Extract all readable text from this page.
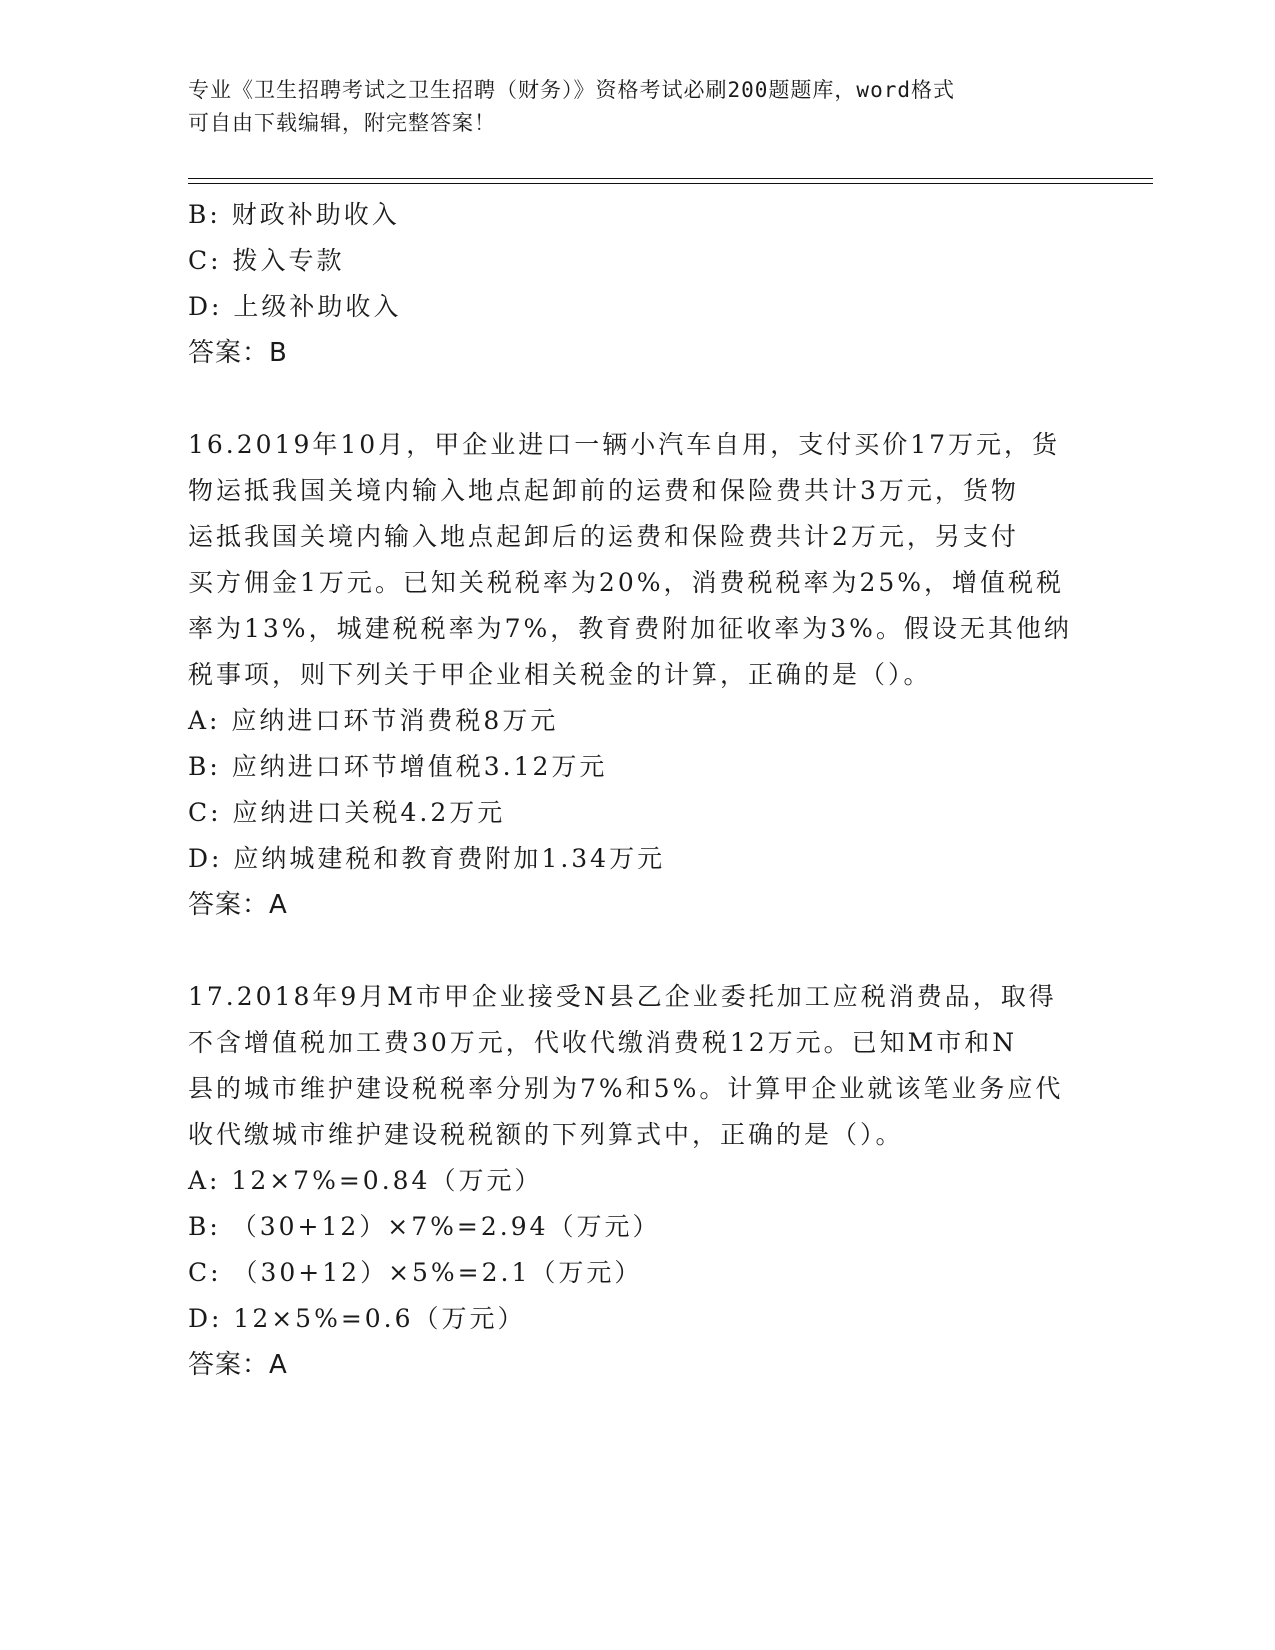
专业《卫生招聘考试之卫生招聘（财务）》资格考试必刷200题题库，word格式
可自由下载编辑，附完整答案！
B: 财政补助收入
C: 拨入专款
D: 上级补助收入
答案：B
16.2019年10月，甲企业进口一辆小汽车自用，支付买价17万元，货
物运抵我国关境内输入地点起卸前的运费和保险费共计3万元，货物
运抵我国关境内输入地点起卸后的运费和保险费共计2万元，另支付
买方佣金1万元。已知关税税率为20%，消费税税率为25%，增值税税
率为13%，城建税税率为7%，教育费附加征收率为3%。假设无其他纳
税事项，则下列关于甲企业相关税金的计算，正确的是（）。
A: 应纳进口环节消费税8万元
B: 应纳进口环节增值税3.12万元
C: 应纳进口关税4.2万元
D: 应纳城建税和教育费附加1.34万元
答案：A
17.2018年9月M市甲企业接受N县乙企业委托加工应税消费品，取得
不含增值税加工费30万元，代收代缴消费税12万元。已知M市和N
县的城市维护建设税税率分别为7%和5%。计算甲企业就该笔业务应代
收代缴城市维护建设税税额的下列算式中，正确的是（）。
A: 12×7%=0.84（万元）
B: （30+12）×7%=2.94（万元）
C: （30+12）×5%=2.1（万元）
D: 12×5%=0.6（万元）
答案：A
